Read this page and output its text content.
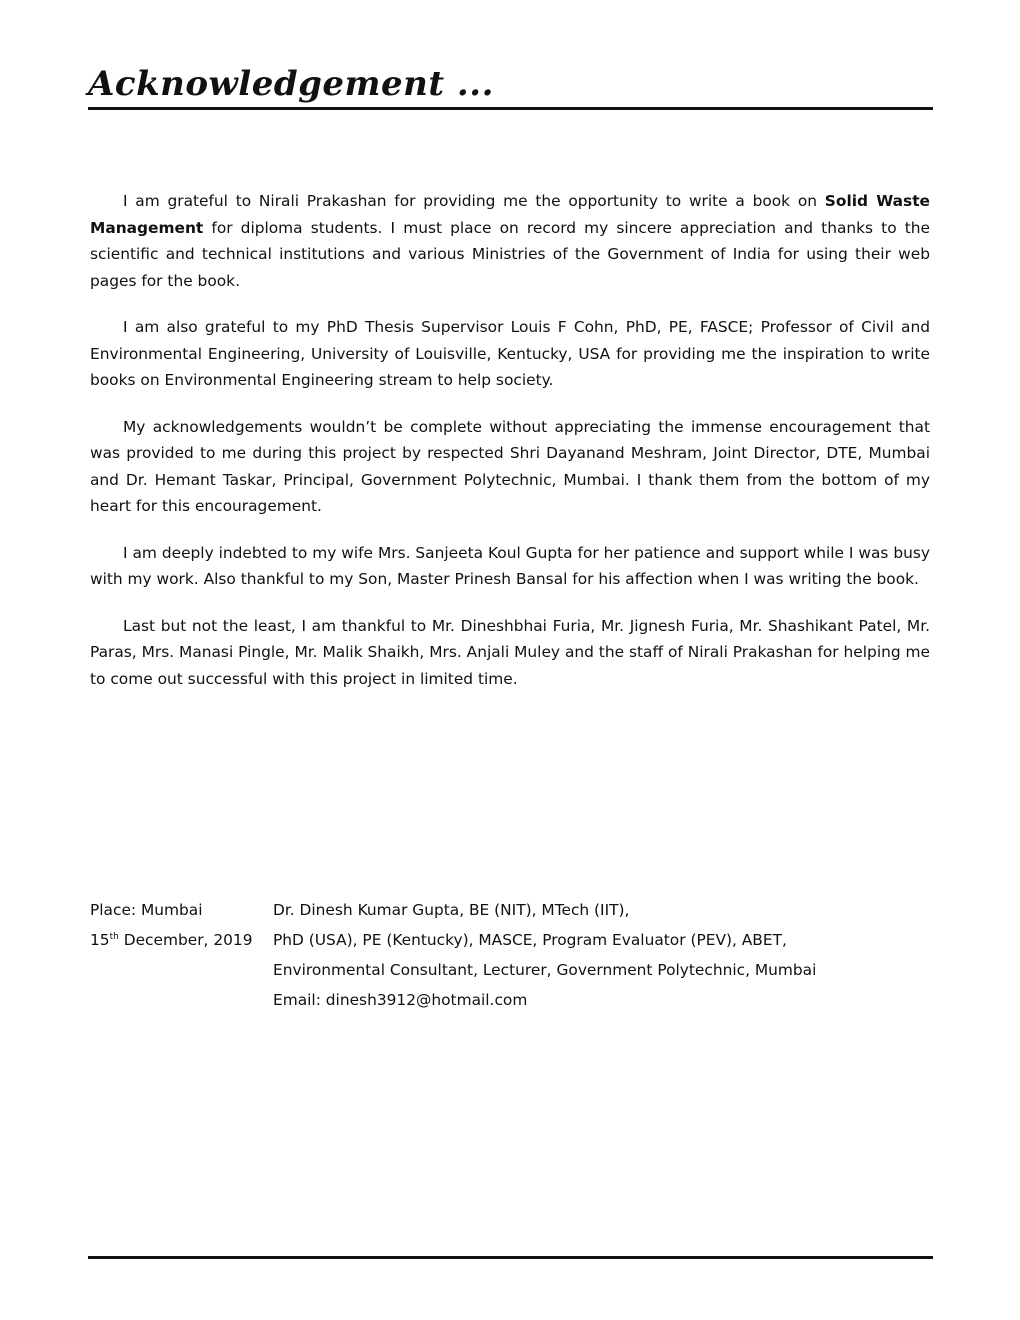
Acknowledgement ...

I am grateful to Nirali Prakashan for providing me the opportunity to write a book on Solid Waste Management for diploma students. I must place on record my sincere appreciation and thanks to the scientific and technical institutions and various Ministries of the Government of India for using their web pages for the book.

I am also grateful to my PhD Thesis Supervisor Louis F Cohn, PhD, PE, FASCE; Professor of Civil and Environmental Engineering, University of Louisville, Kentucky, USA for providing me the inspiration to write books on Environmental Engineering stream to help society.

My acknowledgements wouldn’t be complete without appreciating the immense encouragement that was provided to me during this project by respected Shri Dayanand Meshram, Joint Director, DTE, Mumbai and Dr. Hemant Taskar, Principal, Government Polytechnic, Mumbai. I thank them from the bottom of my heart for this encouragement.

I am deeply indebted to my wife Mrs. Sanjeeta Koul Gupta for her patience and support while I was busy with my work. Also thankful to my Son, Master Prinesh Bansal for his affection when I was writing the book.

Last but not the least, I am thankful to Mr. Dineshbhai Furia, Mr. Jignesh Furia, Mr. Shashikant Patel, Mr. Paras, Mrs. Manasi Pingle, Mr. Malik Shaikh, Mrs. Anjali Muley and the staff of Nirali Prakashan for helping me to come out successful with this project in limited time.

Place: Mumbai	Dr. Dinesh Kumar Gupta, BE (NIT), MTech (IIT),
15th December, 2019	PhD (USA), PE (Kentucky), MASCE, Program Evaluator (PEV), ABET,
Environmental Consultant, Lecturer, Government Polytechnic, Mumbai
Email: dinesh3912@hotmail.com
